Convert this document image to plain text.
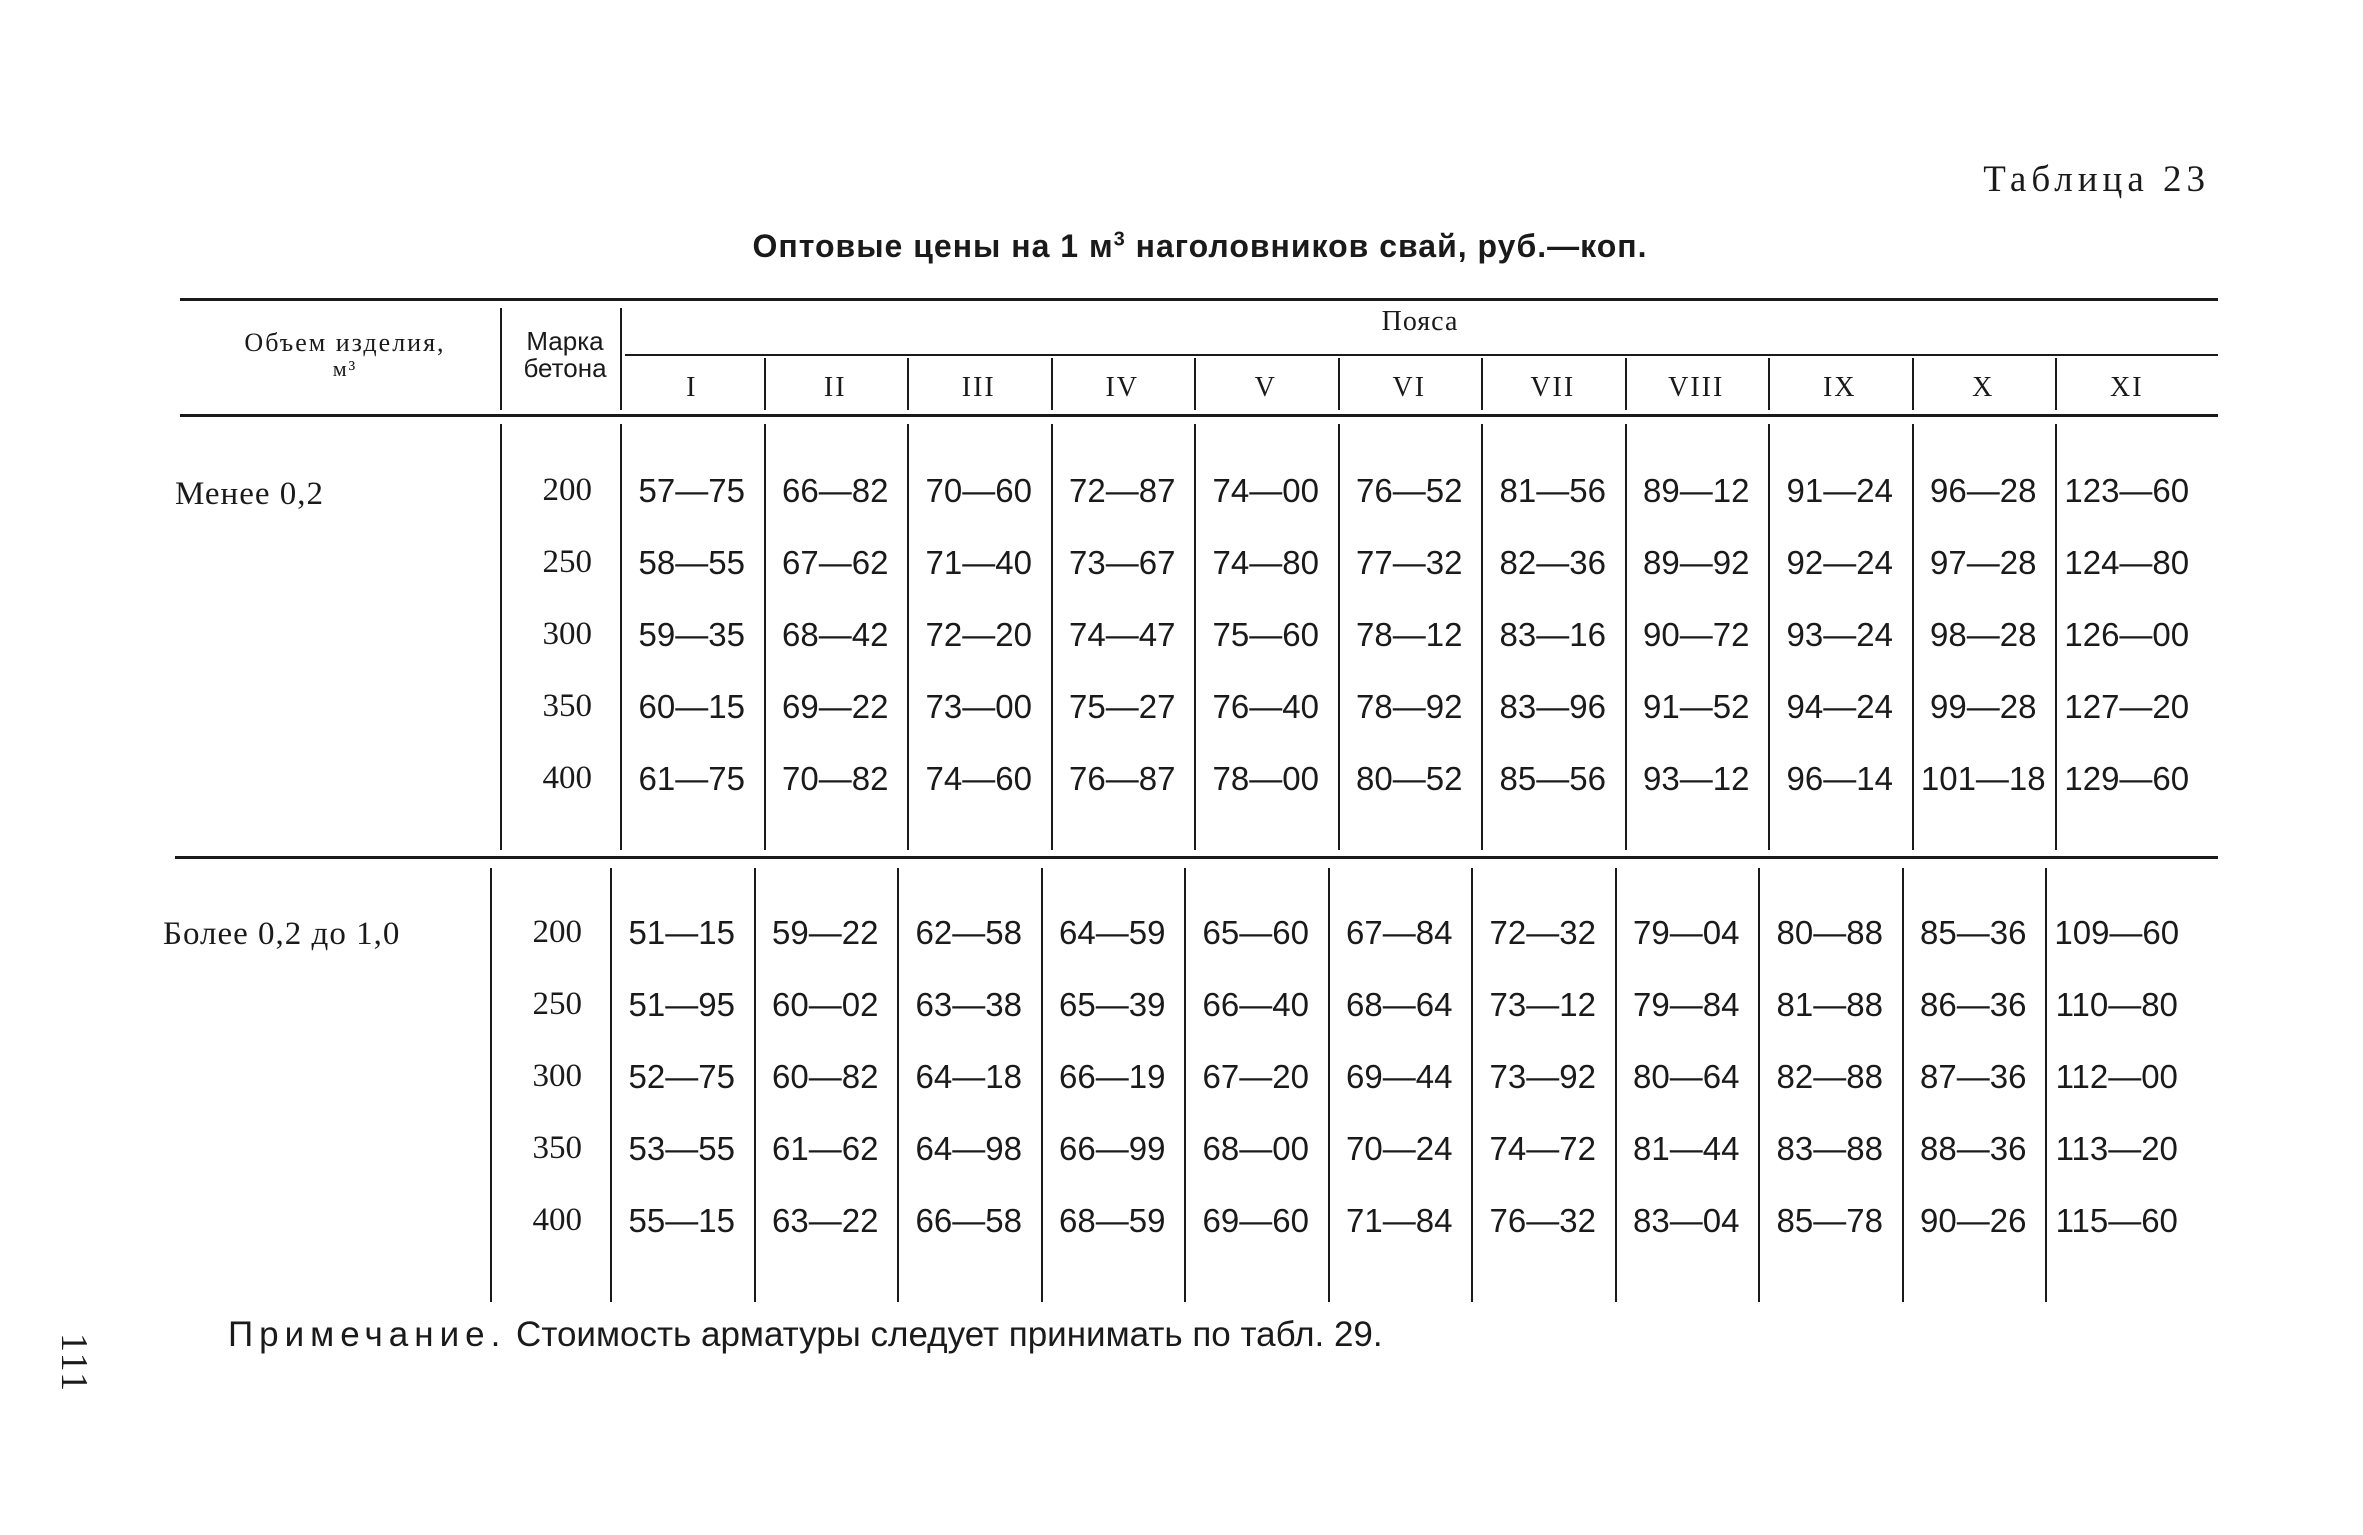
Таблица 23
Оптовые цены на 1 $м^3$ наголовников свай, руб.—коп.
Объем изделия,
м³
Марка
бетона
Пояса
I	II	III	IV	V	VI	VII	VIII	IX	X	XI
Менее 0,2	200	57—75	66—82	70—60	72—87	74—00	76—52	81—56	89—12	91—24	96—28 123—60
250	58—55	67—62	71—40	73—67	74—80	77—32	82—36	89—92	92—24	97—28 124—80
300	59—35	68—42	72—20	74—47	75—60	78—12	83—16	90—72	93—24	98—28 126—00
350	60—15	69—22	73—00	75—27	76—40	78—92	83—96	91—52	94—24	99—28 127—20
400	61—75	70—82	74—60	76—87	78—00	80—52	85—56	93—12	96—14 101—18 129—60
Более 0,2 до 1,0	200	51—15	59—22	62—58	64—59	65—60	67—84	72—32	79—04	80—88	85—36 109—60
250	51—95	60—02	63—38	65—39	66—40	68—64	73—12	79—84	81—88	86—36 110—80
300	52—75	60—82	64—18	66—19	67—20	69—44	73—92	80—64	82—88	87—36 112—00
350	53—55	61—62	64—98	66—99	68—00	70—24	74—72	81—44	83—88	88—36 113—20
400	55—15	63—22	66—58	68—59	69—60	71—84	76—32	83—04	85—78	90—26 115—60
111	Примечание. Стоимость арматуры следует принимать по табл. 29.
